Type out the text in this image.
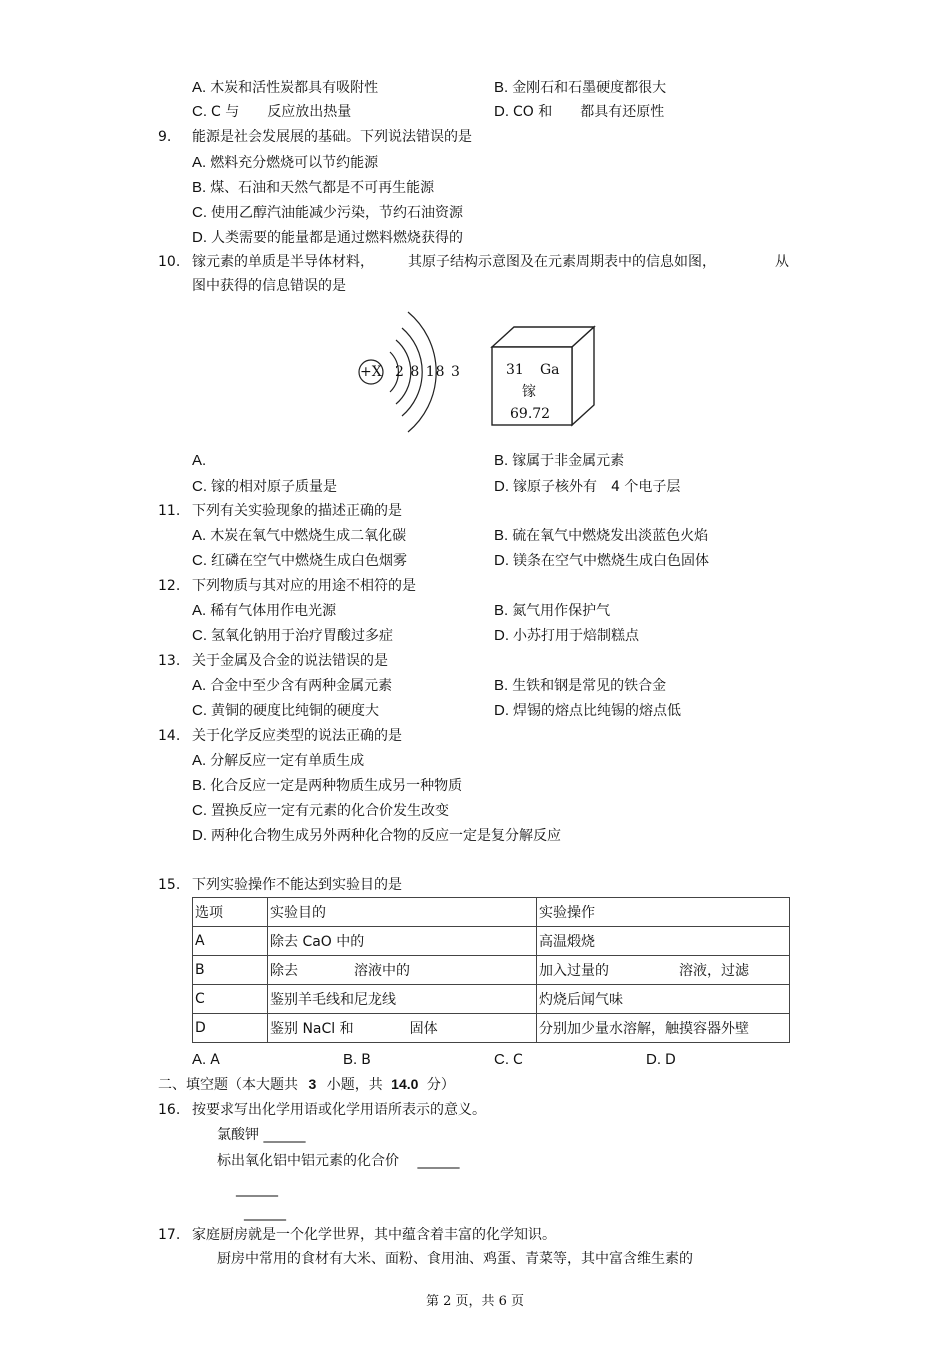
A. 木炭和活性炭都具有吸附性	B. 金刚石和石墨硬度都很大
C. C 与　　反应放出热量	D. CO 和　　都具有还原性
9. 能源是社会发展展的基础。下列说法错误的是
A. 燃料充分燃烧可以节约能源
B. 煤、石油和天然气都是不可再生能源
C. 使用乙醇汽油能减少污染，节约石油资源
D. 人类需要的能量都是通过燃料燃烧获得的
10. 镓元素的单质是半导体材料， 其原子结构示意图及在元素周期表中的信息如图，	从
图中获得的信息错误的是
+X 2 8 18 3	31 Ga
镓
69.72
A.	B. 镓属于非金属元素
C. 镓的相对原子质量是	D. 镓原子核外有　4 个电子层
11. 下列有关实验现象的描述正确的是
A. 木炭在氧气中燃烧生成二氧化碳	B. 硫在氧气中燃烧发出淡蓝色火焰
C. 红磷在空气中燃烧生成白色烟雾	D. 镁条在空气中燃烧生成白色固体
12. 下列物质与其对应的用途不相符的是
A. 稀有气体用作电光源	B. 氮气用作保护气
C. 氢氧化钠用于治疗胃酸过多症	D. 小苏打用于焙制糕点
13. 关于金属及合金的说法错误的是
A. 合金中至少含有两种金属元素	B. 生铁和钢是常见的铁合金
C. 黄铜的硬度比纯铜的硬度大	D. 焊锡的熔点比纯锡的熔点低
14. 关于化学反应类型的说法正确的是
A. 分解反应一定有单质生成
B. 化合反应一定是两种物质生成另一种物质
C. 置换反应一定有元素的化合价发生改变
D. 两种化合物生成另外两种化合物的反应一定是复分解反应
15. 下列实验操作不能达到实验目的是
选项	实验目的	实验操作
A	除去 CaO 中的	高温煅烧
B	除去　　　　溶液中的	加入过量的　　　　　溶液，过滤
C	鉴别羊毛线和尼龙线	灼烧后闻气味
D	鉴别 NaCl 和　　　　固体	分别加少量水溶解，触摸容器外壁
A. A	B. B	C. C	D. D
二、填空题（本大题共 3 小题，共 14.0 分）
16. 按要求写出化学用语或化学用语所表示的意义。
氯酸钾 ______
标出氧化铝中铝元素的化合价　 ______
______
______
17. 家庭厨房就是一个化学世界，其中蕴含着丰富的化学知识。
厨房中常用的食材有大米、面粉、食用油、鸡蛋、青菜等，其中富含维生素的
第 2 页，共 6 页
